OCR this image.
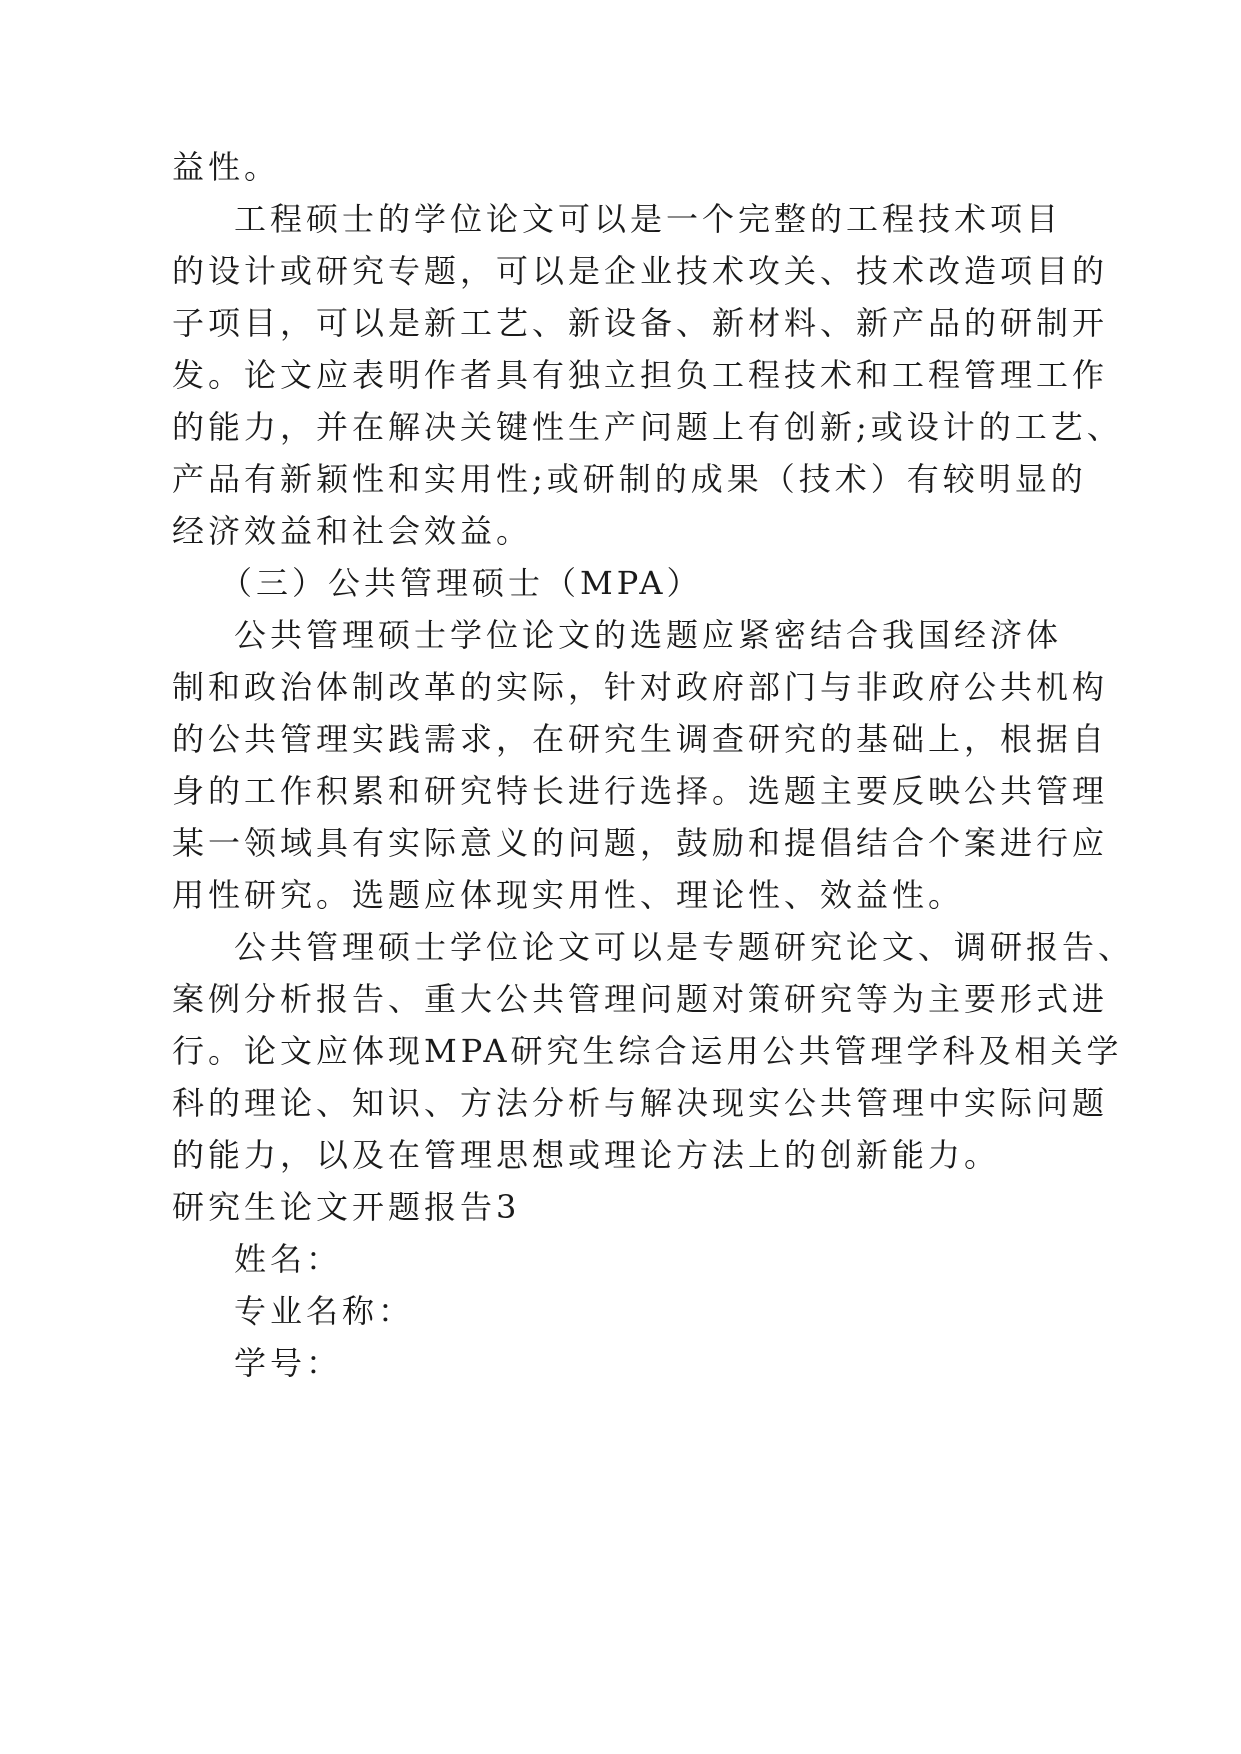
益性。
工程硕士的学位论文可以是一个完整的工程技术项目
的设计或研究专题，可以是企业技术攻关、技术改造项目的
子项目，可以是新工艺、新设备、新材料、新产品的研制开
发。论文应表明作者具有独立担负工程技术和工程管理工作
的能力，并在解决关键性生产问题上有创新;或设计的工艺、
产品有新颖性和实用性;或研制的成果（技术）有较明显的
经济效益和社会效益。
（三）公共管理硕士（MPA）
公共管理硕士学位论文的选题应紧密结合我国经济体
制和政治体制改革的实际，针对政府部门与非政府公共机构
的公共管理实践需求，在研究生调查研究的基础上，根据自
身的工作积累和研究特长进行选择。选题主要反映公共管理
某一领域具有实际意义的问题，鼓励和提倡结合个案进行应
用性研究。选题应体现实用性、理论性、效益性。
公共管理硕士学位论文可以是专题研究论文、调研报告、
案例分析报告、重大公共管理问题对策研究等为主要形式进
行。论文应体现MPA研究生综合运用公共管理学科及相关学
科的理论、知识、方法分析与解决现实公共管理中实际问题
的能力，以及在管理思想或理论方法上的创新能力。
研究生论文开题报告3
姓名：
专业名称：
学号：
